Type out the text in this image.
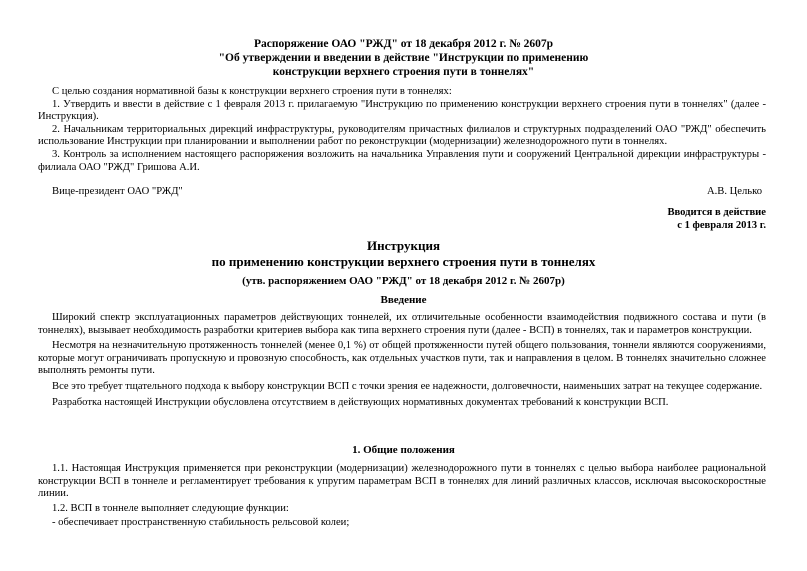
Распоряжение ОАО "РЖД" от 18 декабря 2012 г. № 2607р
"Об утверждении и введении в действие "Инструкции по применению
конструкции верхнего строения пути в тоннелях"

С целью создания нормативной базы к конструкции верхнего строения пути в тоннелях:

1. Утвердить и ввести в действие с 1 февраля 2013 г. прилагаемую "Инструкцию по применению конструкции верхнего строения пути в тоннелях" (далее - Инструкция).

2. Начальникам территориальных дирекций инфраструктуры, руководителям причастных филиалов и структурных подразделений ОАО "РЖД" обеспечить использование Инструкции при планировании и выполнении работ по реконструкции (модернизации) железнодорожного пути в тоннелях.

3. Контроль за исполнением настоящего распоряжения возложить на начальника Управления пути и сооружений Центральной дирекции инфраструктуры - филиала ОАО "РЖД" Гришова А.И.

Вице-президент ОАО "РЖД"	А.В. Целько
Вводится в действие
с 1 февраля 2013 г.
Инструкция
по применению конструкции верхнего строения пути в тоннелях
(утв. распоряжением ОАО "РЖД" от 18 декабря 2012 г. № 2607р)
Введение

Широкий спектр эксплуатационных параметров действующих тоннелей, их отличительные особенности взаимодействия подвижного состава и пути (в тоннелях), вызывает необходимость разработки критериев выбора как типа верхнего строения пути (далее - ВСП) в тоннелях, так и параметров конструкции.

Несмотря на незначительную протяженность тоннелей (менее 0,1 %) от общей протяженности путей общего пользования, тоннели являются сооружениями, которые могут ограничивать пропускную и провозную способность, как отдельных участков пути, так и направления в целом. В тоннелях значительно сложнее выполнять ремонты пути.

Все это требует тщательного подхода к выбору конструкции ВСП с точки зрения ее надежности, долговечности, наименьших затрат на текущее содержание.

Разработка настоящей Инструкции обусловлена отсутствием в действующих нормативных документах требований к конструкции ВСП.

1. Общие положения

1.1. Настоящая Инструкция применяется при реконструкции (модернизации) железнодорожного пути в тоннелях с целью выбора наиболее рациональной конструкции ВСП в тоннеле и регламентирует требования к упругим параметрам ВСП в тоннелях для линий различных классов, исключая высокоскоростные линии.

1.2. ВСП в тоннеле выполняет следующие функции:

- обеспечивает пространственную стабильность рельсовой колеи;
